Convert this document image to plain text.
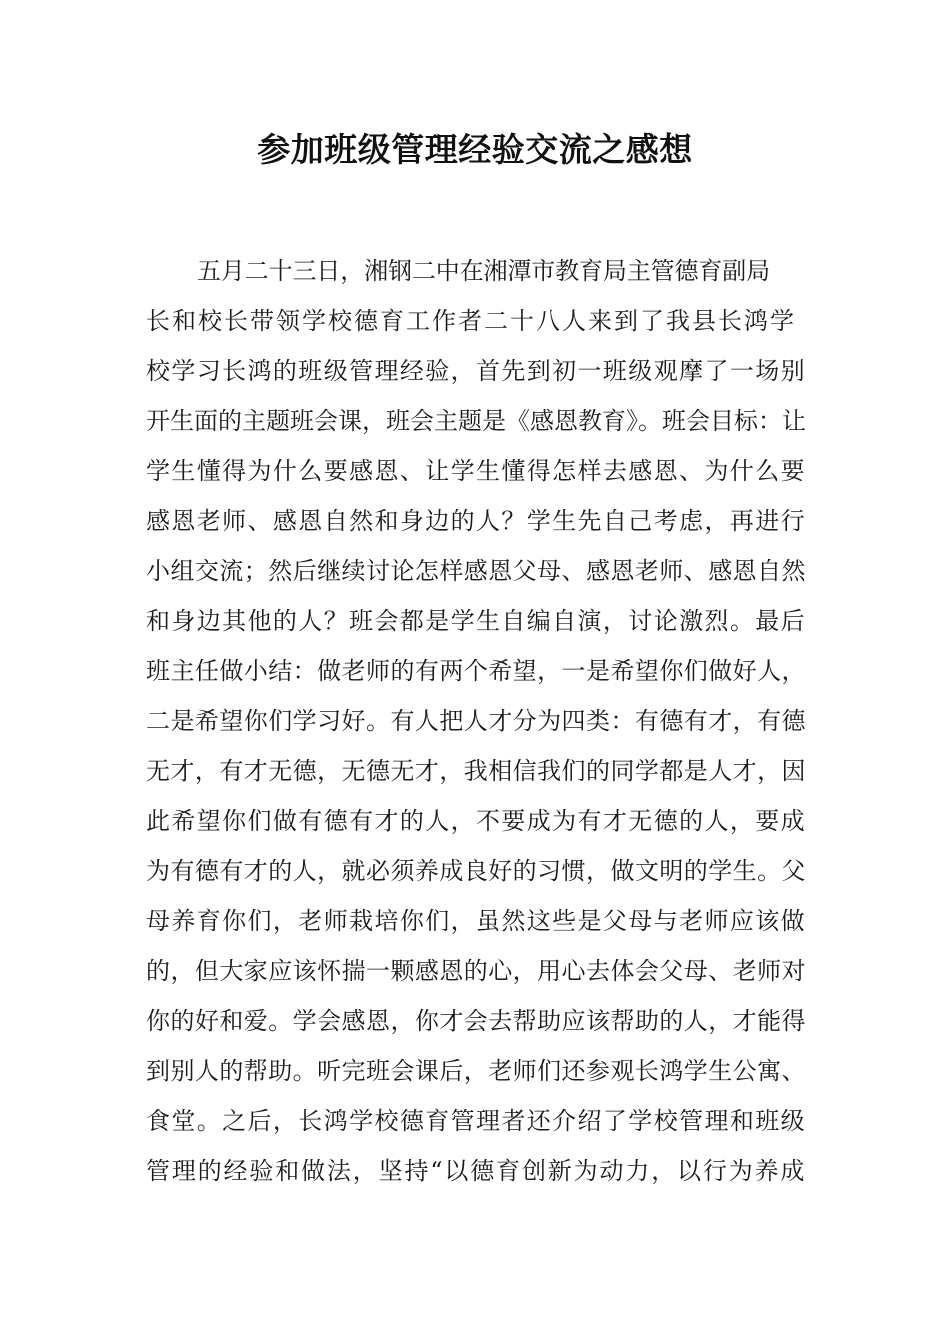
参加班级管理经验交流之感想
五月二十三日，湘钢二中在湘潭市教育局主管德育副局
长和校长带领学校德育工作者二十八人来到了我县长鸿学
校学习长鸿的班级管理经验，首先到初一班级观摩了一场别
开生面的主题班会课，班会主题是《感恩教育》。班会目标：让
学生懂得为什么要感恩、让学生懂得怎样去感恩、为什么要
感恩老师、感恩自然和身边的人？学生先自己考虑，再进行
小组交流；然后继续讨论怎样感恩父母、感恩老师、感恩自然
和身边其他的人？班会都是学生自编自演，讨论激烈。最后
班主任做小结：做老师的有两个希望，一是希望你们做好人，
二是希望你们学习好。有人把人才分为四类：有德有才，有德
无才，有才无德，无德无才，我相信我们的同学都是人才，因
此希望你们做有德有才的人，不要成为有才无德的人，要成
为有德有才的人，就必须养成良好的习惯，做文明的学生。父
母养育你们，老师栽培你们，虽然这些是父母与老师应该做
的，但大家应该怀揣一颗感恩的心，用心去体会父母、老师对
你的好和爱。学会感恩，你才会去帮助应该帮助的人，才能得
到别人的帮助。听完班会课后，老师们还参观长鸿学生公寓、
食堂。之后，长鸿学校德育管理者还介绍了学校管理和班级
管理的经验和做法，坚持“以德育创新为动力，以行为养成
